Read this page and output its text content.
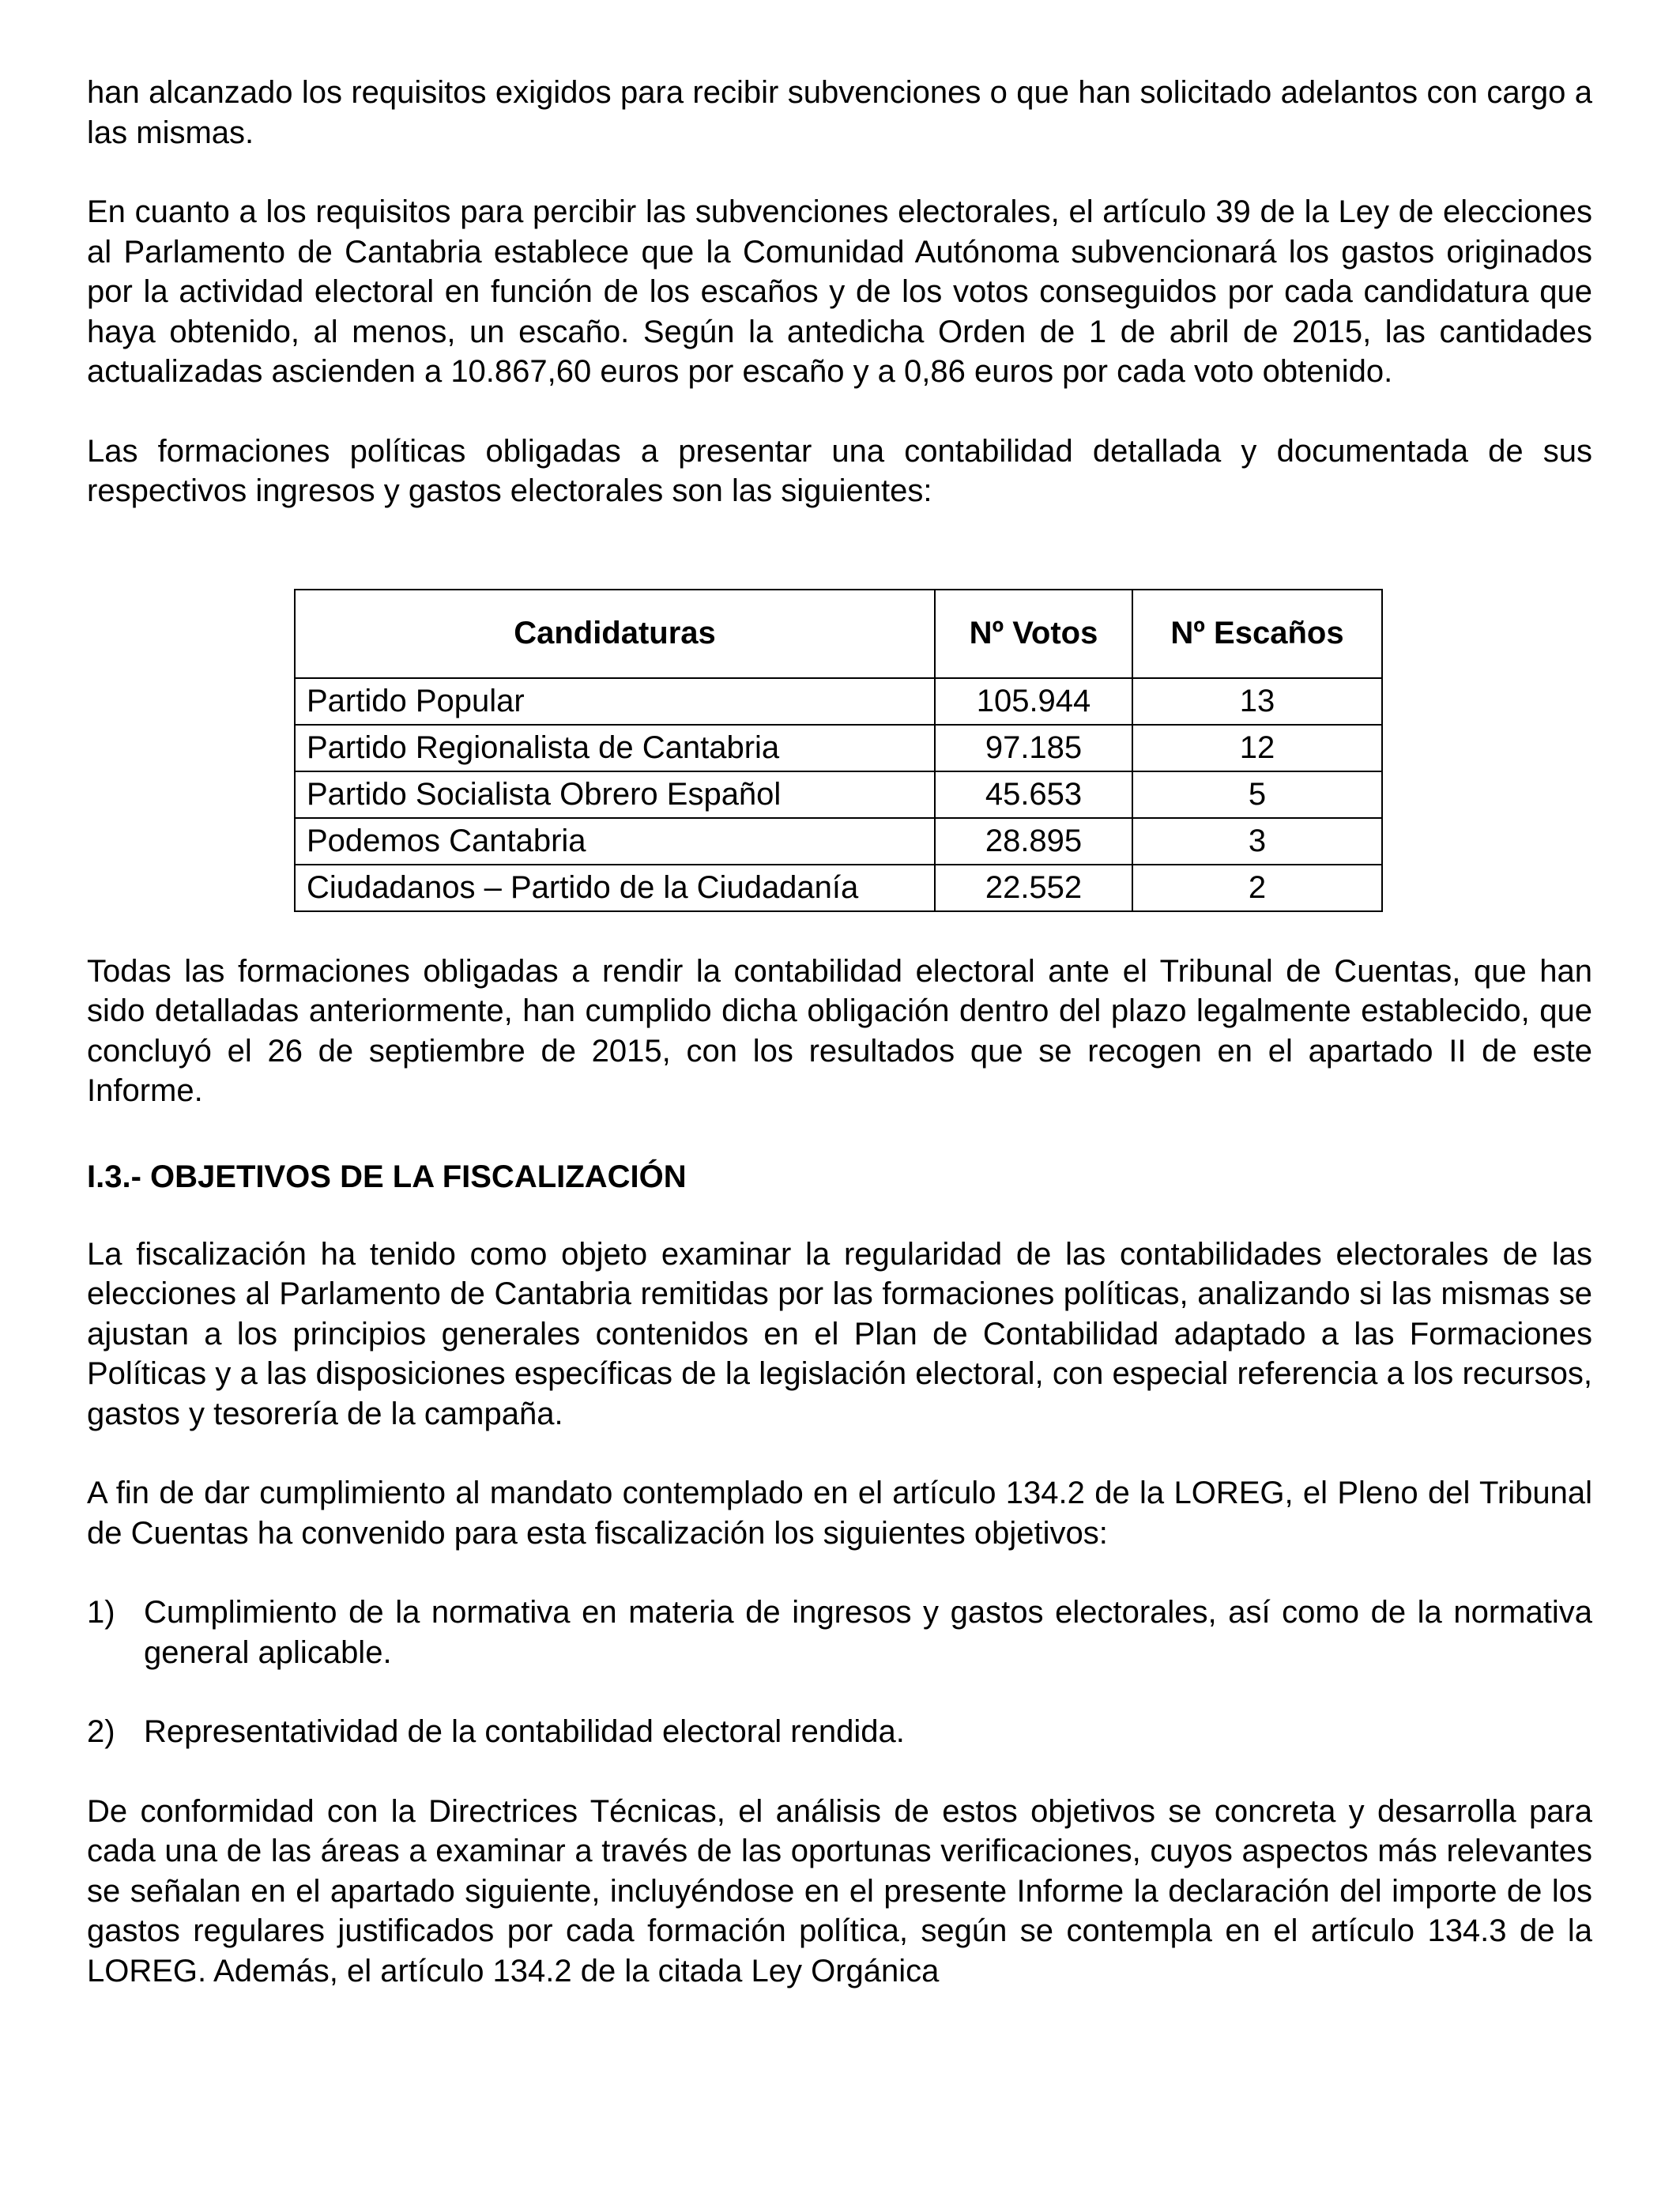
han alcanzado los requisitos exigidos para recibir subvenciones o que han solicitado adelantos con cargo a las mismas.

En cuanto a los requisitos para percibir las subvenciones electorales, el artículo 39 de la Ley de elecciones al Parlamento de Cantabria establece que la Comunidad Autónoma subvencionará los gastos originados por la actividad electoral en función de los escaños y de los votos conseguidos por cada candidatura que haya obtenido, al menos, un escaño. Según la antedicha Orden de 1 de abril de 2015, las cantidades actualizadas ascienden a 10.867,60 euros por escaño y a 0,86 euros por cada voto obtenido.

Las formaciones políticas obligadas a presentar una contabilidad detallada y documentada de sus respectivos ingresos y gastos electorales son las siguientes:

Candidaturas	Nº Votos	Nº Escaños
Partido Popular	105.944	13
Partido Regionalista de Cantabria	97.185	12
Partido Socialista Obrero Español	45.653	5
Podemos Cantabria	28.895	3
Ciudadanos – Partido de la Ciudadanía	22.552	2

Todas las formaciones obligadas a rendir la contabilidad electoral ante el Tribunal de Cuentas, que han sido detalladas anteriormente, han cumplido dicha obligación dentro del plazo legalmente establecido, que concluyó el 26 de septiembre de 2015, con los resultados que se recogen en el apartado II de este Informe.

I.3.- OBJETIVOS DE LA FISCALIZACIÓN

La fiscalización ha tenido como objeto examinar la regularidad de las contabilidades electorales de las elecciones al Parlamento de Cantabria remitidas por las formaciones políticas, analizando si las mismas se ajustan a los principios generales contenidos en el Plan de Contabilidad adaptado a las Formaciones Políticas y a las disposiciones específicas de la legislación electoral, con especial referencia a los recursos, gastos y tesorería de la campaña.

A fin de dar cumplimiento al mandato contemplado en el artículo 134.2 de la LOREG, el Pleno del Tribunal de Cuentas ha convenido para esta fiscalización los siguientes objetivos:

1) Cumplimiento de la normativa en materia de ingresos y gastos electorales, así como de la normativa general aplicable.
2) Representatividad de la contabilidad electoral rendida.

De conformidad con la Directrices Técnicas, el análisis de estos objetivos se concreta y desarrolla para cada una de las áreas a examinar a través de las oportunas verificaciones, cuyos aspectos más relevantes se señalan en el apartado siguiente, incluyéndose en el presente Informe la declaración del importe de los gastos regulares justificados por cada formación política, según se contempla en el artículo 134.3 de la LOREG. Además, el artículo 134.2 de la citada Ley Orgánica
